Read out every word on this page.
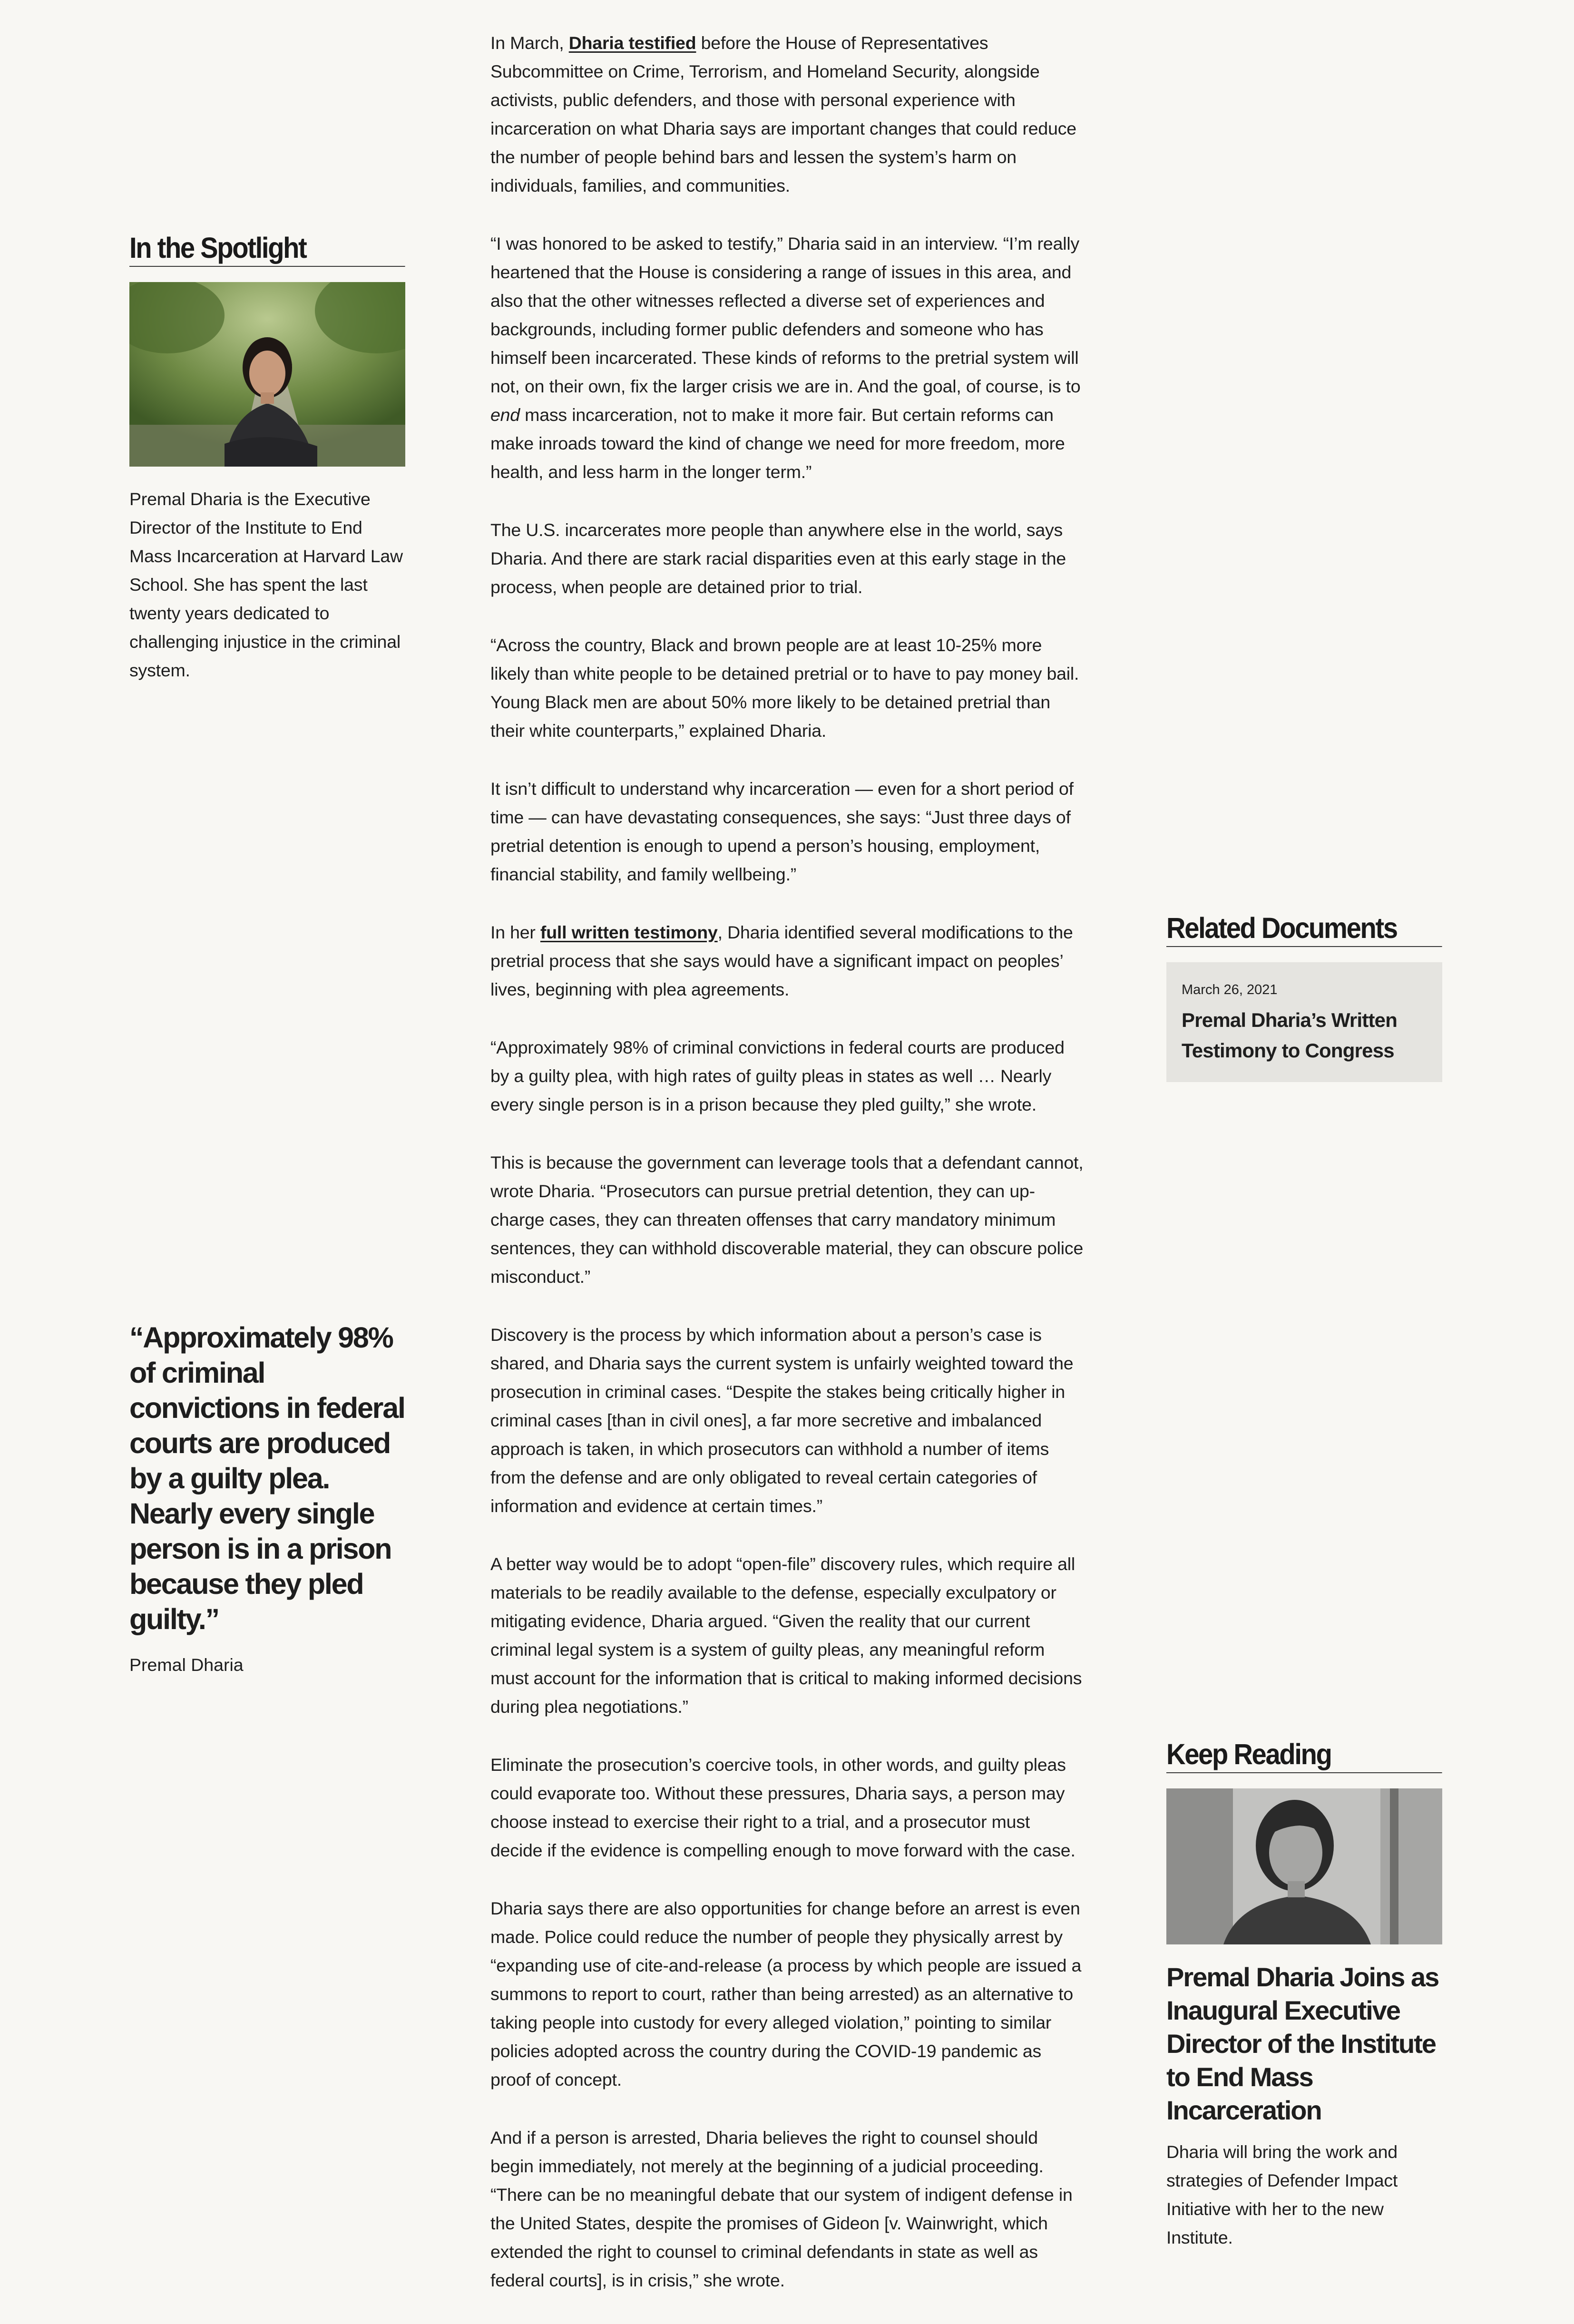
In the Spotlight
Premal Dharia is the Executive Director of the Institute to End Mass Incarceration at Harvard Law School. She has spent the last twenty years dedicated to challenging injustice in the criminal system.

“Approximately 98% of criminal convictions in federal courts are produced by a guilty plea. Nearly every single person is in a prison because they pled guilty.”

Premal Dharia

In March, Dharia testified before the House of Representatives Subcommittee on Crime, Terrorism, and Homeland Security, alongside activists, public defenders, and those with personal experience with incarceration on what Dharia says are important changes that could reduce the number of people behind bars and lessen the system’s harm on individuals, families, and communities.

“I was honored to be asked to testify,” Dharia said in an interview. “I’m really heartened that the House is considering a range of issues in this area, and also that the other witnesses reflected a diverse set of experiences and backgrounds, including former public defenders and someone who has himself been incarcerated. These kinds of reforms to the pretrial system will not, on their own, fix the larger crisis we are in. And the goal, of course, is to end mass incarceration, not to make it more fair. But certain reforms can make inroads toward the kind of change we need for more freedom, more health, and less harm in the longer term.”

The U.S. incarcerates more people than anywhere else in the world, says Dharia. And there are stark racial disparities even at this early stage in the process, when people are detained prior to trial.

“Across the country, Black and brown people are at least 10-25% more likely than white people to be detained pretrial or to have to pay money bail. Young Black men are about 50% more likely to be detained pretrial than their white counterparts,” explained Dharia.

It isn’t difficult to understand why incarceration — even for a short period of time — can have devastating consequences, she says: “Just three days of pretrial detention is enough to upend a person’s housing, employment, financial stability, and family wellbeing.”

In her full written testimony, Dharia identified several modifications to the pretrial process that she says would have a significant impact on peoples’ lives, beginning with plea agreements.

“Approximately 98% of criminal convictions in federal courts are produced by a guilty plea, with high rates of guilty pleas in states as well … Nearly every single person is in a prison because they pled guilty,” she wrote.

This is because the government can leverage tools that a defendant cannot, wrote Dharia. “Prosecutors can pursue pretrial detention, they can up-charge cases, they can threaten offenses that carry mandatory minimum sentences, they can withhold discoverable material, they can obscure police misconduct.”

Discovery is the process by which information about a person’s case is shared, and Dharia says the current system is unfairly weighted toward the prosecution in criminal cases. “Despite the stakes being critically higher in criminal cases [than in civil ones], a far more secretive and imbalanced approach is taken, in which prosecutors can withhold a number of items from the defense and are only obligated to reveal certain categories of information and evidence at certain times.”

A better way would be to adopt “open-file” discovery rules, which require all materials to be readily available to the defense, especially exculpatory or mitigating evidence, Dharia argued. “Given the reality that our current criminal legal system is a system of guilty pleas, any meaningful reform must account for the information that is critical to making informed decisions during plea negotiations.”

Eliminate the prosecution’s coercive tools, in other words, and guilty pleas could evaporate too. Without these pressures, Dharia says, a person may choose instead to exercise their right to a trial, and a prosecutor must decide if the evidence is compelling enough to move forward with the case.

Dharia says there are also opportunities for change before an arrest is even made. Police could reduce the number of people they physically arrest by “expanding use of cite-and-release (a process by which people are issued a summons to report to court, rather than being arrested) as an alternative to taking people into custody for every alleged violation,” pointing to similar policies adopted across the country during the COVID-19 pandemic as proof of concept.

And if a person is arrested, Dharia believes the right to counsel should begin immediately, not merely at the beginning of a judicial proceeding. “There can be no meaningful debate that our system of indigent defense in the United States, despite the promises of Gideon [v. Wainwright, which extended the right to counsel to criminal defendants in state as well as federal courts], is in crisis,” she wrote.

Related Documents
March 26, 2021
Premal Dharia’s Written Testimony to Congress
Keep Reading
Premal Dharia Joins as Inaugural Executive Director of the Institute to End Mass Incarceration
Dharia will bring the work and strategies of Defender Impact Initiative with her to the new Institute.
